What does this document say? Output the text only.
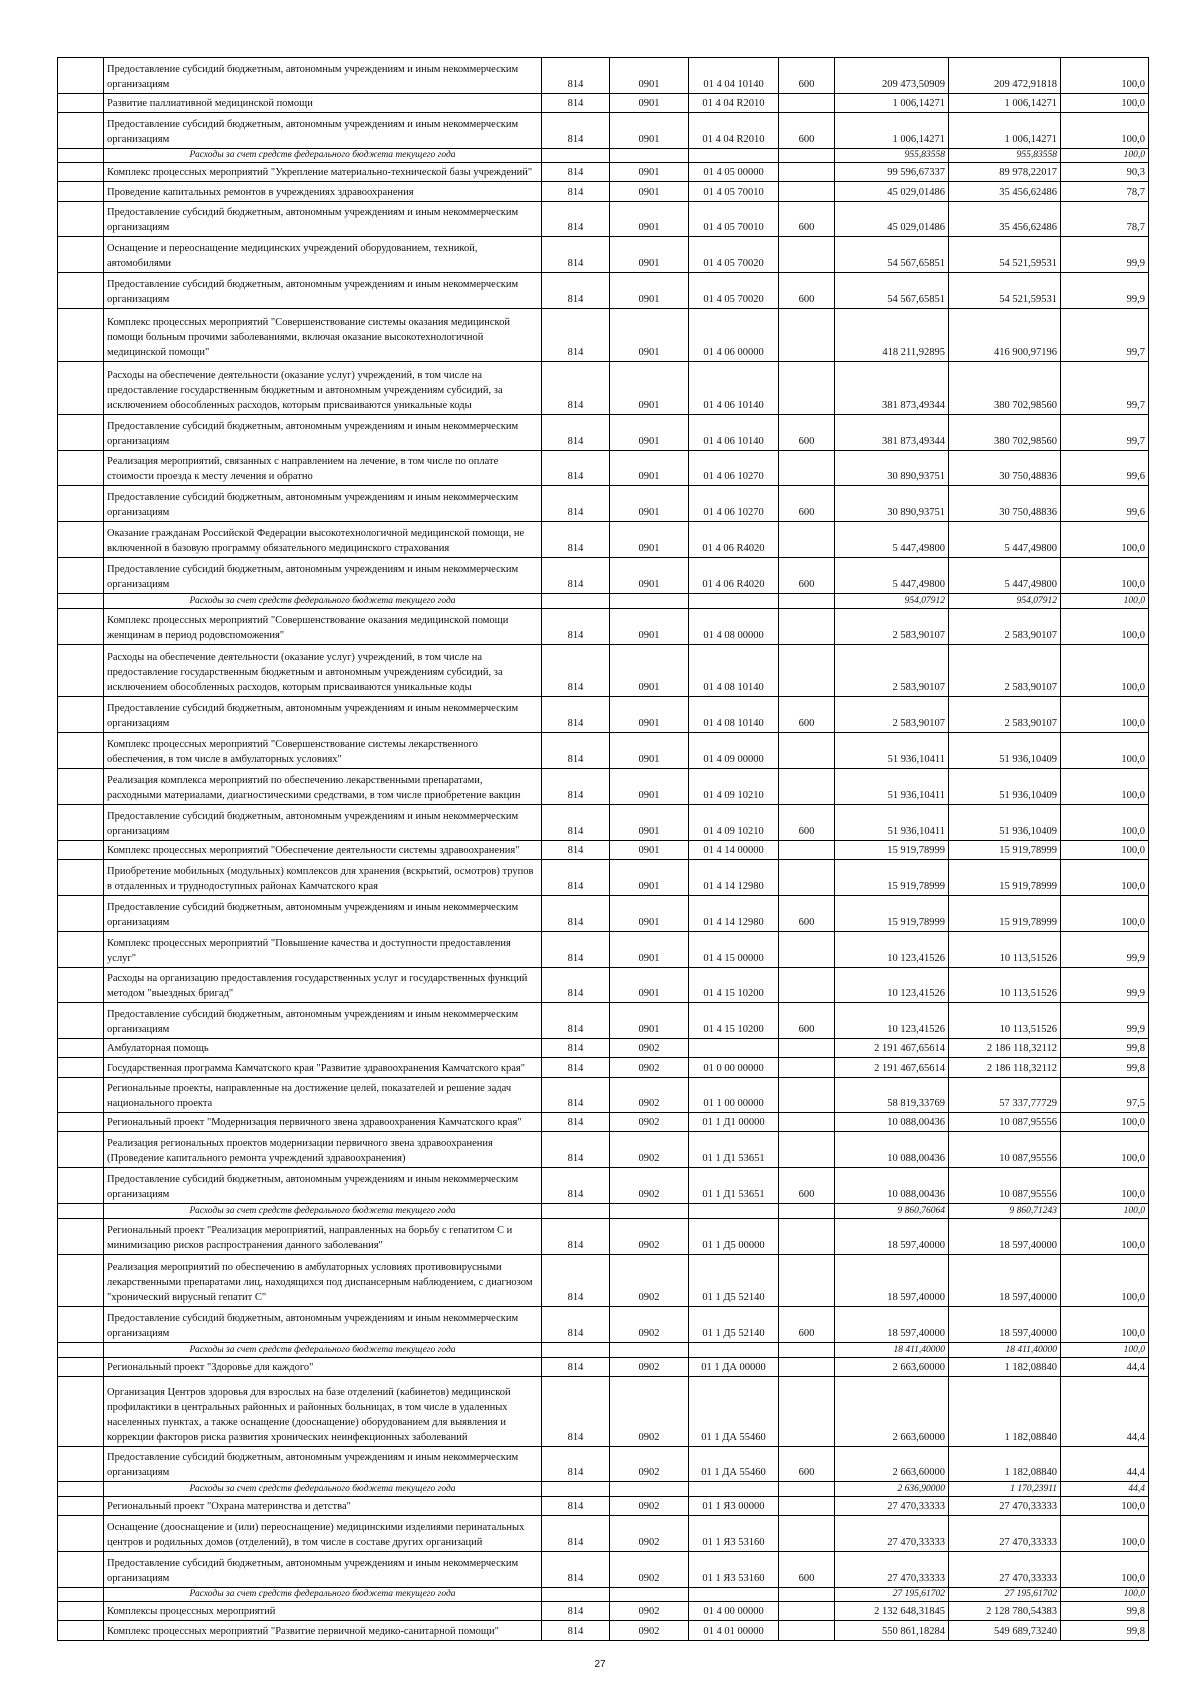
	Предоставление субсидий бюджетным, автономным учреждениям и иным некоммерческим организациям	814	0901	01 4 04 10140	600	209 473,50909	209 472,91818	100,0
	Развитие паллиативной медицинской помощи	814	0901	01 4 04 R2010		1 006,14271	1 006,14271	100,0
	Предоставление субсидий бюджетным, автономным учреждениям и иным некоммерческим организациям	814	0901	01 4 04 R2010	600	1 006,14271	1 006,14271	100,0
	Расходы за счет средств федерального бюджета текущего года					955,83558	955,83558	100,0
	Комплекс процессных мероприятий "Укрепление материально-технической базы учреждений"	814	0901	01 4 05 00000		99 596,67337	89 978,22017	90,3
	Проведение капитальных ремонтов в учреждениях здравоохранения	814	0901	01 4 05 70010		45 029,01486	35 456,62486	78,7
	Предоставление субсидий бюджетным, автономным учреждениям и иным некоммерческим организациям	814	0901	01 4 05 70010	600	45 029,01486	35 456,62486	78,7
	Оснащение и переоснащение медицинских учреждений оборудованием, техникой, автомобилями	814	0901	01 4 05 70020		54 567,65851	54 521,59531	99,9
	Предоставление субсидий бюджетным, автономным учреждениям и иным некоммерческим организациям	814	0901	01 4 05 70020	600	54 567,65851	54 521,59531	99,9
	Комплекс процессных мероприятий "Совершенствование системы оказания медицинской помощи больным прочими заболеваниями, включая оказание высокотехнологичной медицинской помощи"	814	0901	01 4 06 00000		418 211,92895	416 900,97196	99,7
	Расходы на обеспечение деятельности (оказание услуг) учреждений, в том числе на предоставление государственным бюджетным и автономным учреждениям субсидий, за исключением обособленных расходов, которым присваиваются уникальные коды	814	0901	01 4 06 10140		381 873,49344	380 702,98560	99,7
	Предоставление субсидий бюджетным, автономным учреждениям и иным некоммерческим организациям	814	0901	01 4 06 10140	600	381 873,49344	380 702,98560	99,7
	Реализация мероприятий, связанных с направлением на лечение, в том числе по оплате стоимости проезда к месту лечения и обратно	814	0901	01 4 06 10270		30 890,93751	30 750,48836	99,6
	Предоставление субсидий бюджетным, автономным учреждениям и иным некоммерческим организациям	814	0901	01 4 06 10270	600	30 890,93751	30 750,48836	99,6
	Оказание гражданам Российской Федерации высокотехнологичной медицинской помощи, не включенной в базовую программу обязательного медицинского страхования	814	0901	01 4 06 R4020		5 447,49800	5 447,49800	100,0
	Предоставление субсидий бюджетным, автономным учреждениям и иным некоммерческим организациям	814	0901	01 4 06 R4020	600	5 447,49800	5 447,49800	100,0
	Расходы за счет средств федерального бюджета текущего года					954,07912	954,07912	100,0
	Комплекс процессных мероприятий "Совершенствование оказания медицинской помощи женщинам в период родовспоможения"	814	0901	01 4 08 00000		2 583,90107	2 583,90107	100,0
	Расходы на обеспечение деятельности (оказание услуг) учреждений, в том числе на предоставление государственным бюджетным и автономным учреждениям субсидий, за исключением обособленных расходов, которым присваиваются уникальные коды	814	0901	01 4 08 10140		2 583,90107	2 583,90107	100,0
	Предоставление субсидий бюджетным, автономным учреждениям и иным некоммерческим организациям	814	0901	01 4 08 10140	600	2 583,90107	2 583,90107	100,0
	Комплекс процессных мероприятий "Совершенствование системы лекарственного обеспечения, в том числе в амбулаторных условиях"	814	0901	01 4 09 00000		51 936,10411	51 936,10409	100,0
	Реализация комплекса мероприятий по обеспечению лекарственными препаратами, расходными материалами, диагностическими средствами, в том числе приобретение вакцин	814	0901	01 4 09 10210		51 936,10411	51 936,10409	100,0
	Предоставление субсидий бюджетным, автономным учреждениям и иным некоммерческим организациям	814	0901	01 4 09 10210	600	51 936,10411	51 936,10409	100,0
	Комплекс процессных мероприятий "Обеспечение деятельности системы здравоохранения"	814	0901	01 4 14 00000		15 919,78999	15 919,78999	100,0
	Приобретение мобильных (модульных) комплексов для хранения (вскрытий, осмотров) трупов в отдаленных и труднодоступных районах Камчатского края	814	0901	01 4 14 12980		15 919,78999	15 919,78999	100,0
	Предоставление субсидий бюджетным, автономным учреждениям и иным некоммерческим организациям	814	0901	01 4 14 12980	600	15 919,78999	15 919,78999	100,0
	Комплекс процессных мероприятий "Повышение качества и доступности предоставления услуг"	814	0901	01 4 15 00000		10 123,41526	10 113,51526	99,9
	Расходы на организацию предоставления государственных услуг и государственных функций методом "выездных бригад"	814	0901	01 4 15 10200		10 123,41526	10 113,51526	99,9
	Предоставление субсидий бюджетным, автономным учреждениям и иным некоммерческим организациям	814	0901	01 4 15 10200	600	10 123,41526	10 113,51526	99,9
	Амбулаторная помощь	814	0902			2 191 467,65614	2 186 118,32112	99,8
	Государственная программа Камчатского края "Развитие здравоохранения Камчатского края"	814	0902	01 0 00 00000		2 191 467,65614	2 186 118,32112	99,8
	Региональные проекты, направленные на достижение целей, показателей и решение задач национального проекта	814	0902	01 1 00 00000		58 819,33769	57 337,77729	97,5
	Региональный проект "Модернизация первичного звена здравоохранения Камчатского края"	814	0902	01 1 Д1 00000		10 088,00436	10 087,95556	100,0
	Реализация региональных проектов модернизации первичного звена здравоохранения (Проведение капитального ремонта учреждений здравоохранения)	814	0902	01 1 Д1 53651		10 088,00436	10 087,95556	100,0
	Предоставление субсидий бюджетным, автономным учреждениям и иным некоммерческим организациям	814	0902	01 1 Д1 53651	600	10 088,00436	10 087,95556	100,0
	Расходы за счет средств федерального бюджета текущего года					9 860,76064	9 860,71243	100,0
	Региональный проект "Реализация мероприятий, направленных на борьбу с гепатитом С и минимизацию рисков распространения данного заболевания"	814	0902	01 1 Д5 00000		18 597,40000	18 597,40000	100,0
	Реализация мероприятий по обеспечению в амбулаторных условиях противовирусными лекарственными препаратами лиц, находящихся под диспансерным наблюдением, с диагнозом "хронический вирусный гепатит С"	814	0902	01 1 Д5 52140		18 597,40000	18 597,40000	100,0
	Предоставление субсидий бюджетным, автономным учреждениям и иным некоммерческим организациям	814	0902	01 1 Д5 52140	600	18 597,40000	18 597,40000	100,0
	Расходы за счет средств федерального бюджета текущего года					18 411,40000	18 411,40000	100,0
	Региональный проект "Здоровье для каждого"	814	0902	01 1 ДА 00000		2 663,60000	1 182,08840	44,4
	Организация Центров здоровья для взрослых на базе отделений (кабинетов) медицинской профилактики в центральных районных и районных больницах, в том числе в удаленных населенных пунктах, а также оснащение (дооснащение) оборудованием для выявления и коррекции факторов риска развития хронических неинфекционных заболеваний	814	0902	01 1 ДА 55460		2 663,60000	1 182,08840	44,4
	Предоставление субсидий бюджетным, автономным учреждениям и иным некоммерческим организациям	814	0902	01 1 ДА 55460	600	2 663,60000	1 182,08840	44,4
	Расходы за счет средств федерального бюджета текущего года					2 636,90000	1 170,23911	44,4
	Региональный проект "Охрана материнства и детства"	814	0902	01 1 Я3 00000		27 470,33333	27 470,33333	100,0
	Оснащение (дооснащение и (или) переоснащение) медицинскими изделиями перинатальных центров и родильных домов (отделений), в том числе в составе других организаций	814	0902	01 1 Я3 53160		27 470,33333	27 470,33333	100,0
	Предоставление субсидий бюджетным, автономным учреждениям и иным некоммерческим организациям	814	0902	01 1 Я3 53160	600	27 470,33333	27 470,33333	100,0
	Расходы за счет средств федерального бюджета текущего года					27 195,61702	27 195,61702	100,0
	Комплексы процессных мероприятий	814	0902	01 4 00 00000		2 132 648,31845	2 128 780,54383	99,8
	Комплекс процессных мероприятий "Развитие первичной медико-санитарной помощи"	814	0902	01 4 01 00000		550 861,18284	549 689,73240	99,8
27
